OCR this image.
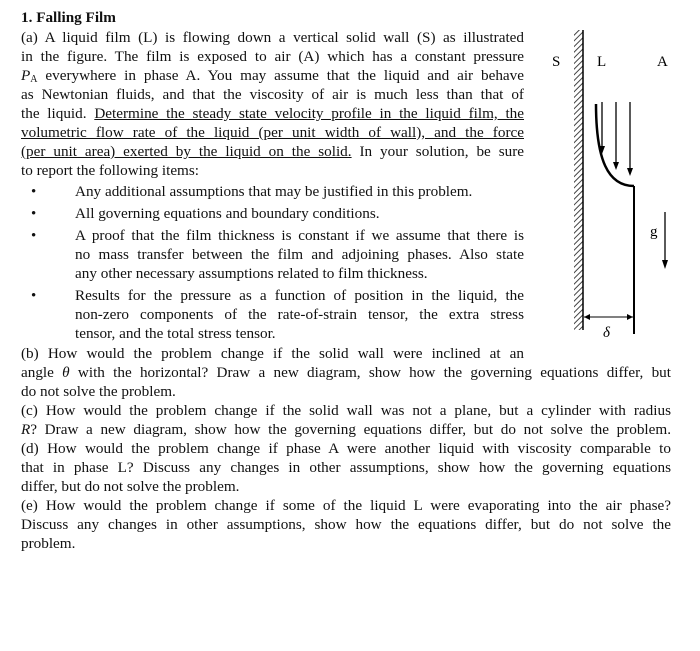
1. Falling Film
(a) A liquid film (L) is flowing down a vertical solid wall (S) as illustrated
in the figure. The film is exposed to air (A) which has a constant pressure
$P_A$ everywhere in phase A. You may assume that the liquid and air behave
as Newtonian fluids, and that the viscosity of air is much less than that of
the liquid. Determine the steady state velocity profile in the liquid film, the
volumetric flow rate of the liquid (per unit width of wall), and the force
(per unit area) exerted by the liquid on the solid. In your solution, be sure
to report the following items:
•	Any additional assumptions that may be justified in this problem.
•	All governing equations and boundary conditions.
•	A proof that the film thickness is constant if we assume that there is
no mass transfer between the film and adjoining phases. Also state
any other necessary assumptions related to film thickness.
•	Results for the pressure as a function of position in the liquid, the
non-zero components of the rate-of-strain tensor, the extra stress
tensor, and the total stress tensor.
(b) How would the problem change if the solid wall were inclined at an
angle θ with the horizontal? Draw a new diagram, show how the governing equations differ, but
do not solve the problem.
(c) How would the problem change if the solid wall was not a plane, but a cylinder with radius
R? Draw a new diagram, show how the governing equations differ, but do not solve the problem.
(d) How would the problem change if phase A were another liquid with viscosity comparable to
that in phase L? Discuss any changes in other assumptions, show how the governing equations
differ, but do not solve the problem.
(e) How would the problem change if some of the liquid L were evaporating into the air phase?
Discuss any changes in other assumptions, show how the equations differ, but do not solve the
problem.
S L	A
g
δ
